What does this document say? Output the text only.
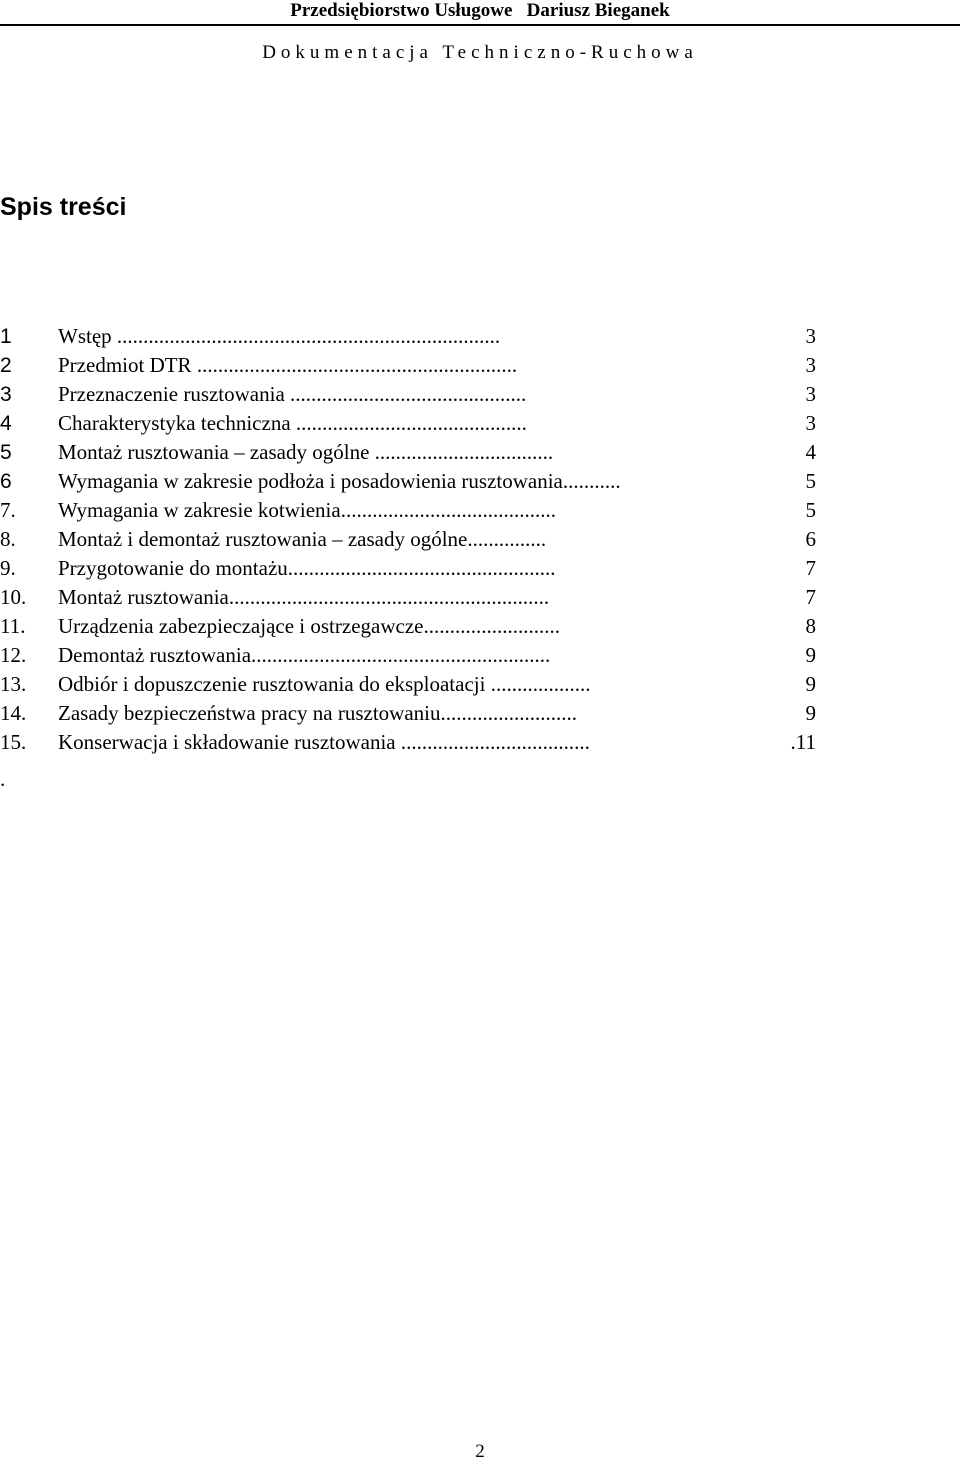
Przedsiębiorstwo Usługowe   Dariusz Bieganek
Dokumentacja Techniczno-Ruchowa
Spis treści
1	Wstęp .........................................................................	3
2	Przedmiot DTR .............................................................	3
3	Przeznaczenie rusztowania .............................................	3
4	Charakterystyka techniczna ............................................	3
5	Montaż rusztowania – zasady ogólne ..................................	4
6	Wymagania w zakresie podłoża i posadowienia rusztowania...........	5
7.	Wymagania w zakresie kotwienia.........................................	5
8.	Montaż i demontaż rusztowania – zasady ogólne...............	6
9.	Przygotowanie do montażu...................................................	7
10.	Montaż rusztowania.............................................................	7
11.	Urządzenia zabezpieczające i ostrzegawcze..........................	8
12.	Demontaż rusztowania.........................................................	9
13.	Odbiór i dopuszczenie rusztowania do eksploatacji ...................	9
14.	Zasady bezpieczeństwa pracy na rusztowaniu..........................	9
15.	Konserwacja i składowanie rusztowania ....................................	.11
.
2
